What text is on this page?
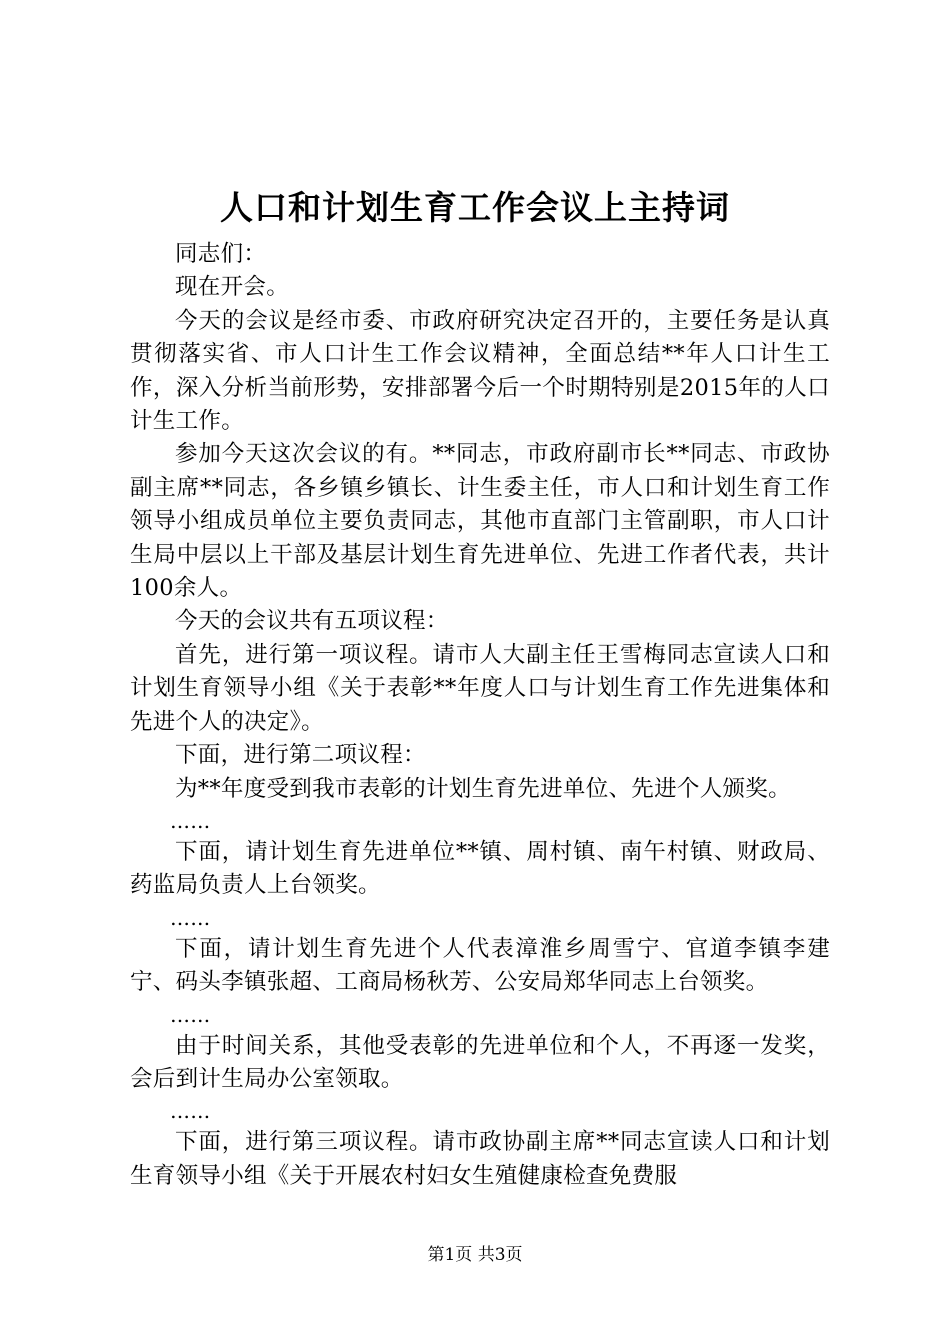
人口和计划生育工作会议上主持词

同志们：

现在开会。

今天的会议是经市委、市政府研究决定召开的，主要任务是认真贯彻落实省、市人口计生工作会议精神，全面总结**年人口计生工作，深入分析当前形势，安排部署今后一个时期特别是2015年的人口计生工作。

参加今天这次会议的有。**同志，市政府副市长**同志、市政协副主席**同志，各乡镇乡镇长、计生委主任，市人口和计划生育工作领导小组成员单位主要负责同志，其他市直部门主管副职，市人口计生局中层以上干部及基层计划生育先进单位、先进工作者代表，共计100余人。

今天的会议共有五项议程：

首先，进行第一项议程。请市人大副主任王雪梅同志宣读人口和计划生育领导小组《关于表彰**年度人口与计划生育工作先进集体和先进个人的决定》。

下面，进行第二项议程：

为**年度受到我市表彰的计划生育先进单位、先进个人颁奖。

……

下面，请计划生育先进单位**镇、周村镇、南午村镇、财政局、药监局负责人上台领奖。

……

下面，请计划生育先进个人代表漳淮乡周雪宁、官道李镇李建宁、码头李镇张超、工商局杨秋芳、公安局郑华同志上台领奖。

……

由于时间关系，其他受表彰的先进单位和个人，不再逐一发奖，会后到计生局办公室领取。

……

下面，进行第三项议程。请市政协副主席**同志宣读人口和计划生育领导小组《关于开展农村妇女生殖健康检查免费服

第1页 共3页
